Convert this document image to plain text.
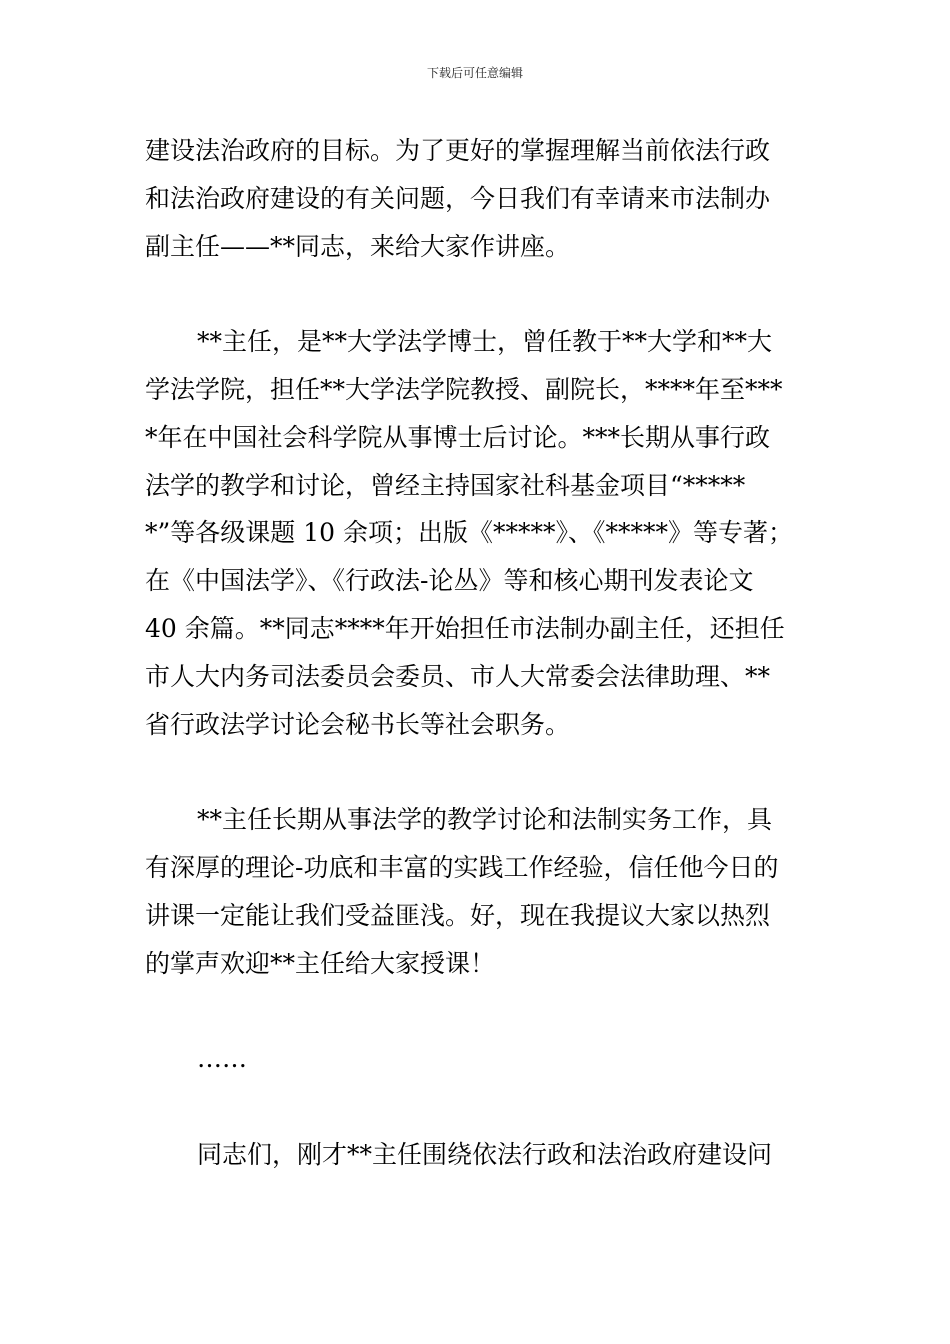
下载后可任意编辑
建设法治政府的目标。为了更好的掌握理解当前依法行政
和法治政府建设的有关问题，今日我们有幸请来市法制办
副主任——**同志，来给大家作讲座。
**主任，是**大学法学博士，曾任教于**大学和**大
学法学院，担任**大学法学院教授、副院长，****年至***
*年在中国社会科学院从事博士后讨论。***长期从事行政
法学的教学和讨论，曾经主持国家社科基金项目“*****
*”等各级课题 10 余项；出版《*****》、《*****》等专著；
在《中国法学》、《行政法-论丛》等和核心期刊发表论文
40 余篇。**同志****年开始担任市法制办副主任，还担任
市人大内务司法委员会委员、市人大常委会法律助理、**
省行政法学讨论会秘书长等社会职务。
**主任长期从事法学的教学讨论和法制实务工作，具
有深厚的理论-功底和丰富的实践工作经验，信任他今日的
讲课一定能让我们受益匪浅。好，现在我提议大家以热烈
的掌声欢迎**主任给大家授课！
……
同志们，刚才**主任围绕依法行政和法治政府建设问
